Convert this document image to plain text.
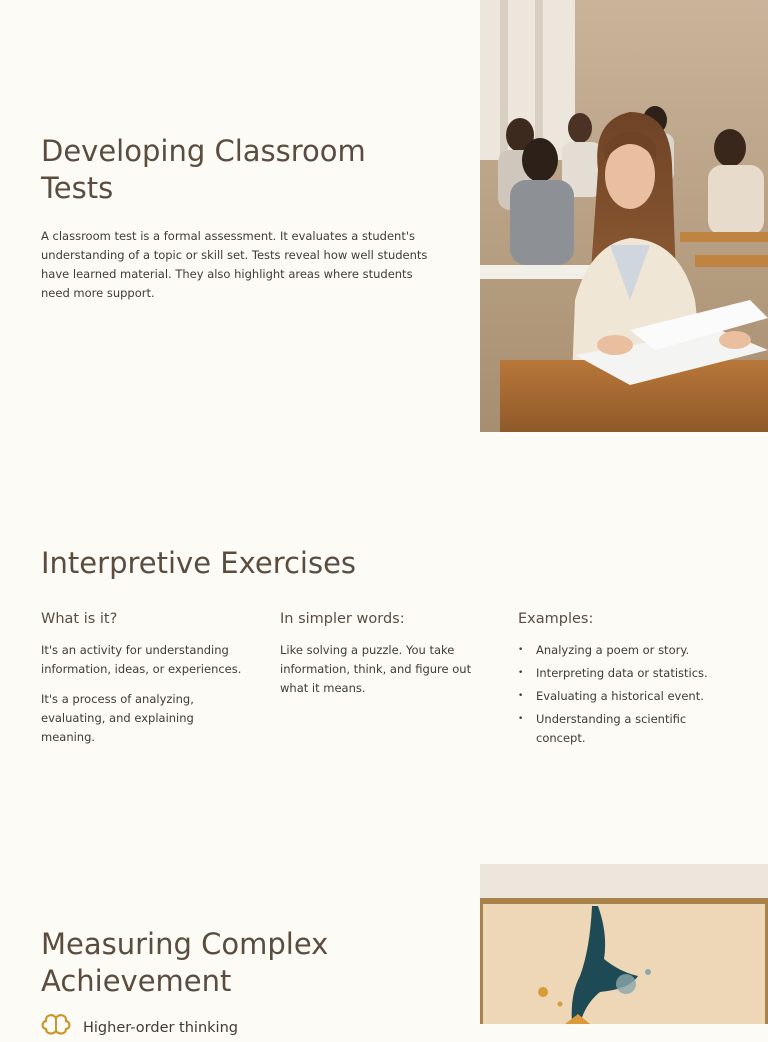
Developing Classroom Tests

A classroom test is a formal assessment. It evaluates a student's understanding of a topic or skill set. Tests reveal how well students have learned material. They also highlight areas where students need more support.

Interpretive Exercises
What is it?

It's an activity for understanding information, ideas, or experiences.

It's a process of analyzing, evaluating, and explaining meaning.

In simpler words:

Like solving a puzzle. You take information, think, and figure out what it means.

Examples:
• Analyzing a poem or story.
• Interpreting data or statistics.
• Evaluating a historical event.
• Understanding a scientific concept.
Measuring Complex Achievement
Higher-order thinking
